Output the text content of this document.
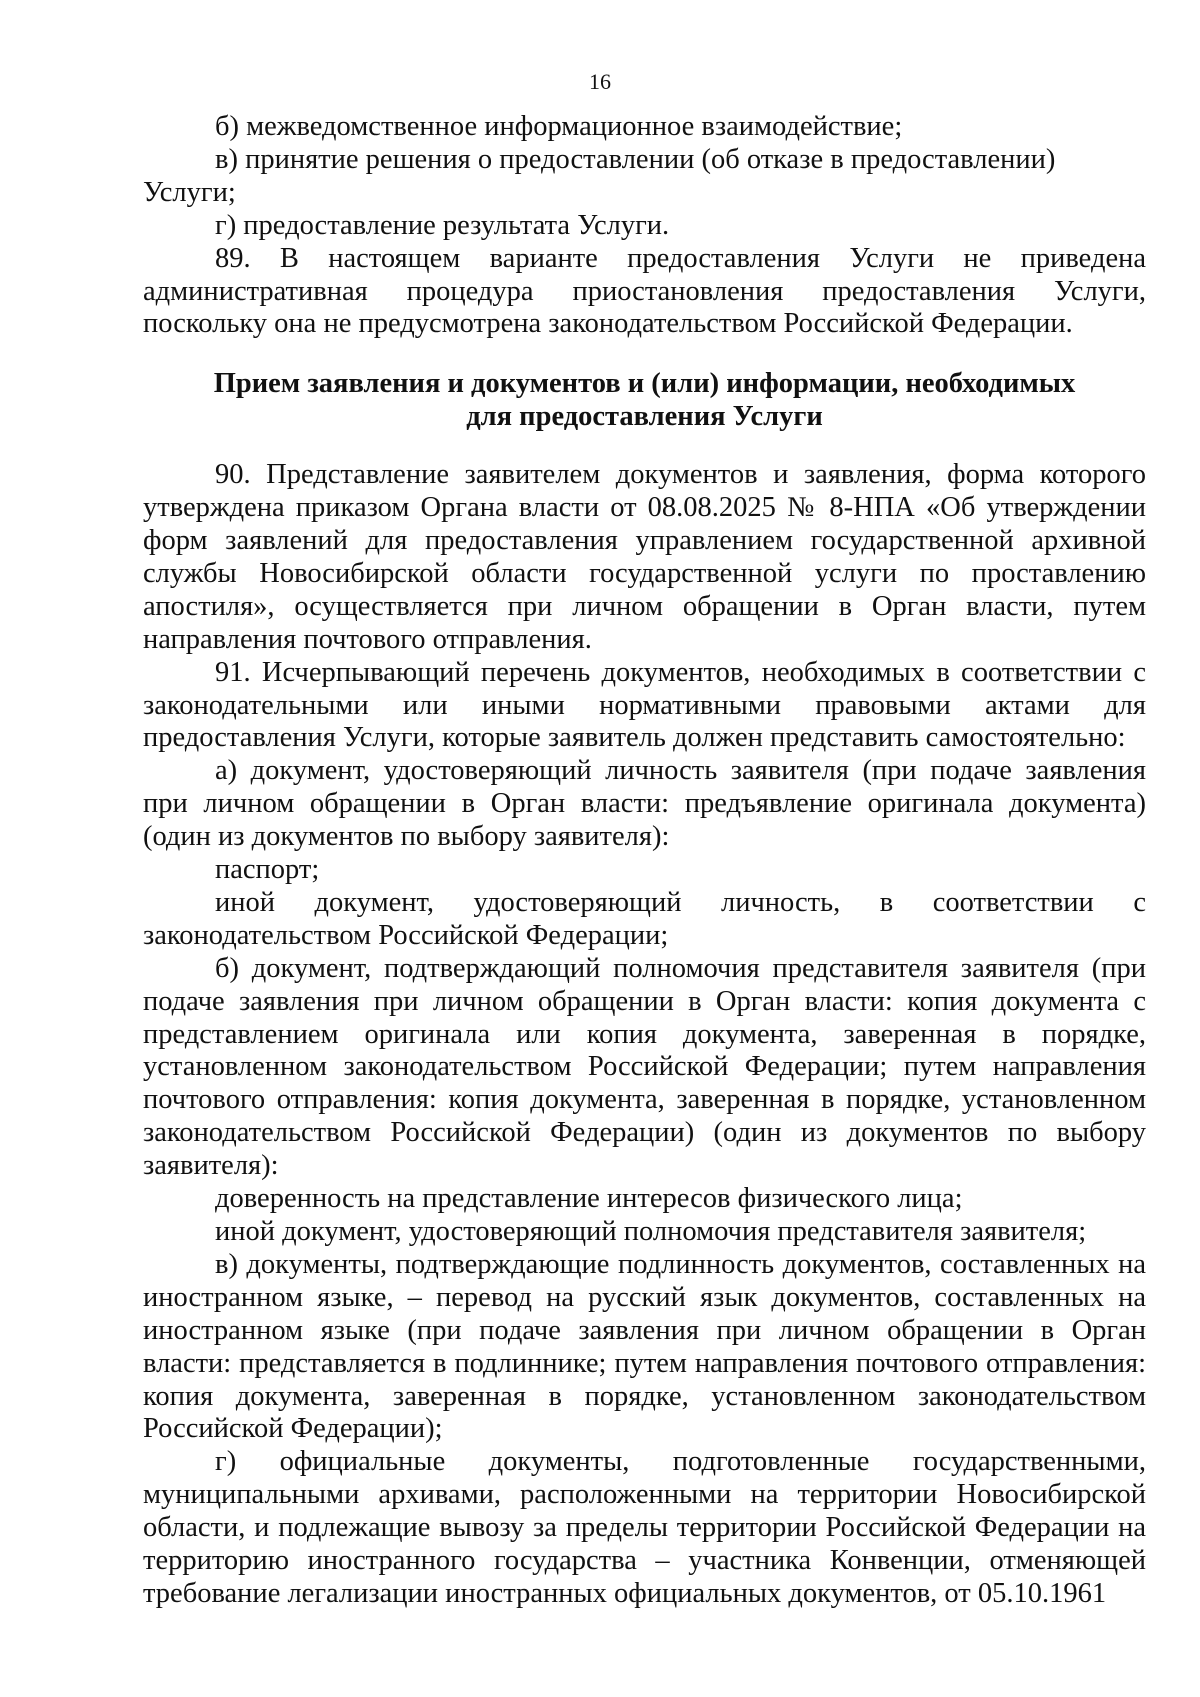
16

б) межведомственное информационное взаимодействие;

в) принятие решения о предоставлении (об отказе в предоставлении) Услуги;

г) предоставление результата Услуги.

89. В настоящем варианте предоставления Услуги не приведена административная процедура приостановления предоставления Услуги, поскольку она не предусмотрена законодательством Российской Федерации.

Прием заявления и документов и (или) информации, необходимых
для предоставления Услуги

90. Представление заявителем документов и заявления, форма которого утверждена приказом Органа власти от 08.08.2025 № 8-НПА «Об утверждении форм заявлений для предоставления управлением государственной архивной службы Новосибирской области государственной услуги по проставлению апостиля», осуществляется при личном обращении в Орган власти, путем направления почтового отправления.

91. Исчерпывающий перечень документов, необходимых в соответствии с законодательными или иными нормативными правовыми актами для предоставления Услуги, которые заявитель должен представить самостоятельно:

а) документ, удостоверяющий личность заявителя (при подаче заявления при личном обращении в Орган власти: предъявление оригинала документа) (один из документов по выбору заявителя):

паспорт;

иной документ, удостоверяющий личность, в соответствии с законодательством Российской Федерации;

б) документ, подтверждающий полномочия представителя заявителя (при подаче заявления при личном обращении в Орган власти: копия документа с представлением оригинала или копия документа, заверенная в порядке, установленном законодательством Российской Федерации; путем направления почтового отправления: копия документа, заверенная в порядке, установленном законодательством Российской Федерации) (один из документов по выбору заявителя):

доверенность на представление интересов физического лица;

иной документ, удостоверяющий полномочия представителя заявителя;

в) документы, подтверждающие подлинность документов, составленных на иностранном языке, – перевод на русский язык документов, составленных на иностранном языке (при подаче заявления при личном обращении в Орган власти: представляется в подлиннике; путем направления почтового отправления: копия документа, заверенная в порядке, установленном законодательством Российской Федерации);

г) официальные документы, подготовленные государственными, муниципальными архивами, расположенными на территории Новосибирской области, и подлежащие вывозу за пределы территории Российской Федерации на территорию иностранного государства – участника Конвенции, отменяющей требование легализации иностранных официальных документов, от 05.10.1961
